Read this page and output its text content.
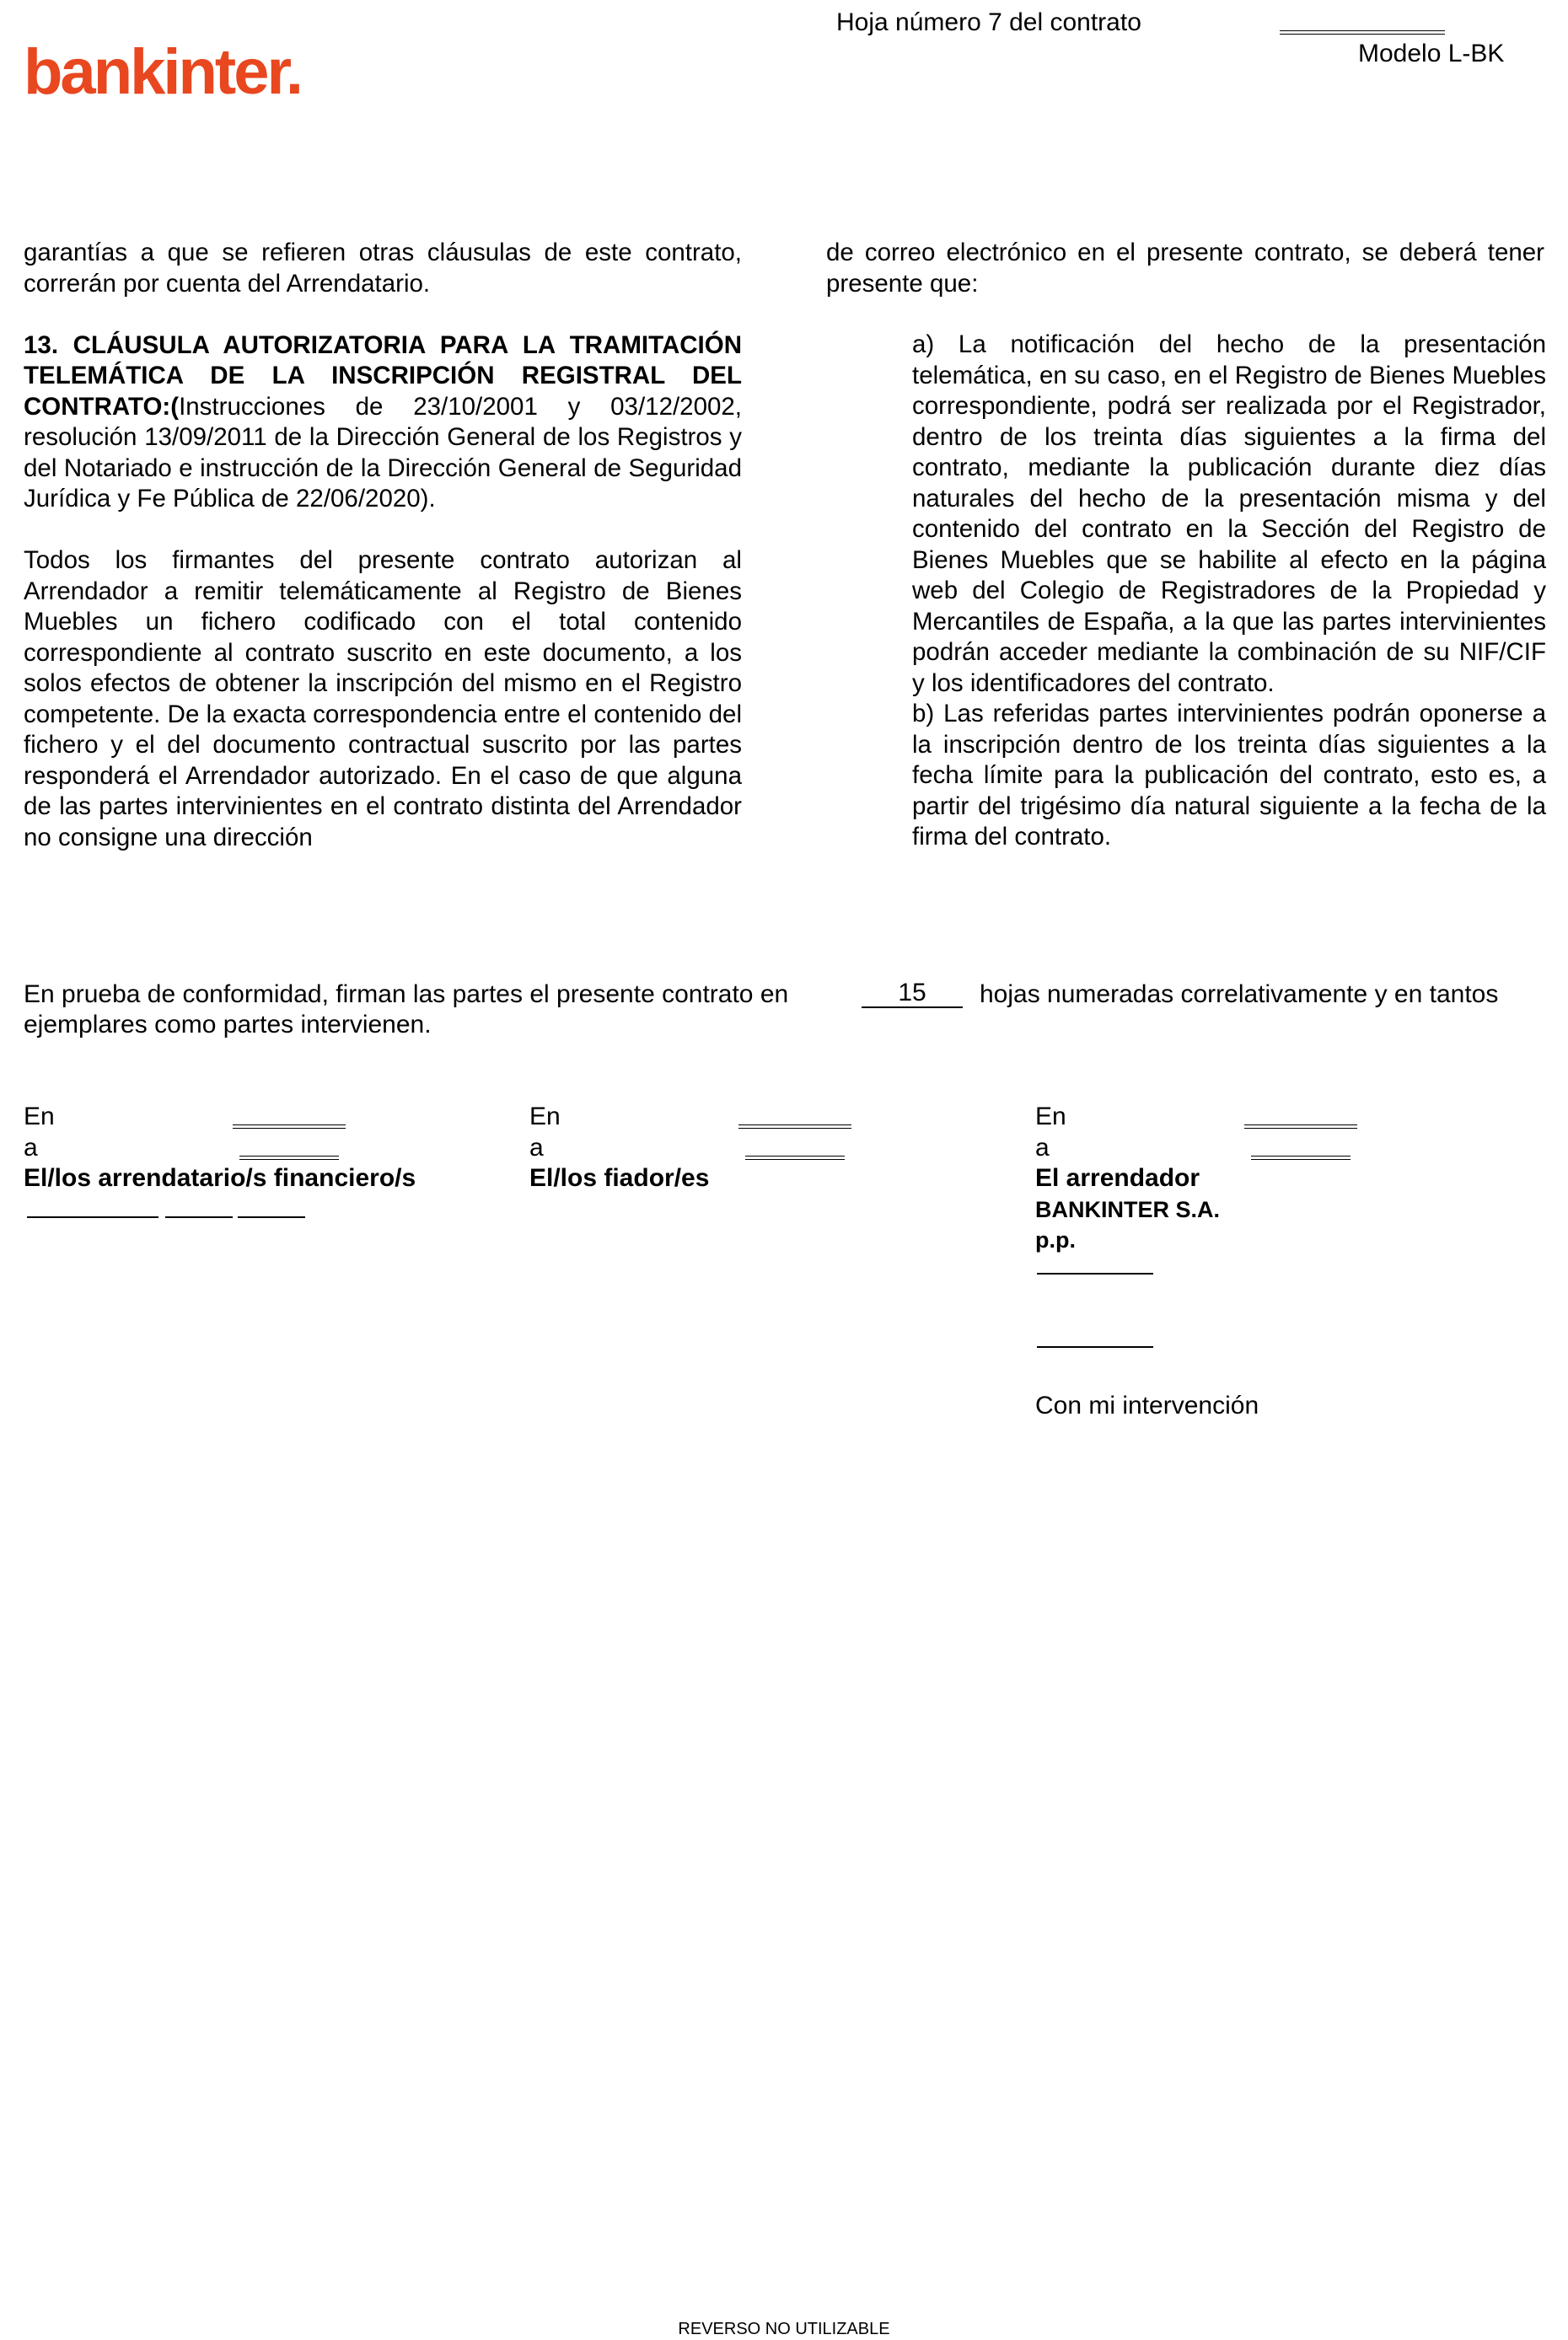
bankinter.
Hoja número 7 del contrato
Modelo L-BK

garantías a que se refieren otras cláusulas de este contrato, correrán por cuenta del Arrendatario.

13. CLÁUSULA AUTORIZATORIA PARA LA TRAMITACIÓN TELEMÁTICA DE LA INSCRIPCIÓN REGISTRAL DEL CONTRATO:(Instrucciones de 23/10/2001 y 03/12/2002, resolución 13/09/2011 de la Dirección General de los Registros y del Notariado e instrucción de la Dirección General de Seguridad Jurídica y Fe Pública de 22/06/2020).

Todos los firmantes del presente contrato autorizan al Arrendador a remitir telemáticamente al Registro de Bienes Muebles un fichero codificado con el total contenido correspondiente al contrato suscrito en este documento, a los solos efectos de obtener la inscripción del mismo en el Registro competente. De la exacta correspondencia entre el contenido del fichero y el del documento contractual suscrito por las partes responderá el Arrendador autorizado. En el caso de que alguna de las partes intervinientes en el contrato distinta del Arrendador no consigne una dirección

de correo electrónico en el presente contrato, se deberá tener presente que:

a) La notificación del hecho de la presentación telemática, en su caso, en el Registro de Bienes Muebles correspondiente, podrá ser realizada por el Registrador, dentro de los treinta días siguientes a la firma del contrato, mediante la publicación durante diez días naturales del hecho de la presentación misma y del contenido del contrato en la Sección del Registro de Bienes Muebles que se habilite al efecto en la página web del Colegio de Registradores de la Propiedad y Mercantiles de España, a la que las partes intervinientes podrán acceder mediante la combinación de su NIF/CIF y los identificadores del contrato.

b) Las referidas partes intervinientes podrán oponerse a la inscripción dentro de los treinta días siguientes a la fecha límite para la publicación del contrato, esto es, a partir del trigésimo día natural siguiente a la fecha de la firma del contrato.

En prueba de conformidad, firman las partes el presente contrato en	15	hojas numeradas correlativamente y en tantos
ejemplares como partes intervienen.
En
a
El/los arrendatario/s financiero/s
En
a
El/los fiador/es
En
a
El arrendador
BANKINTER S.A.
p.p.
Con mi intervención
REVERSO NO UTILIZABLE
